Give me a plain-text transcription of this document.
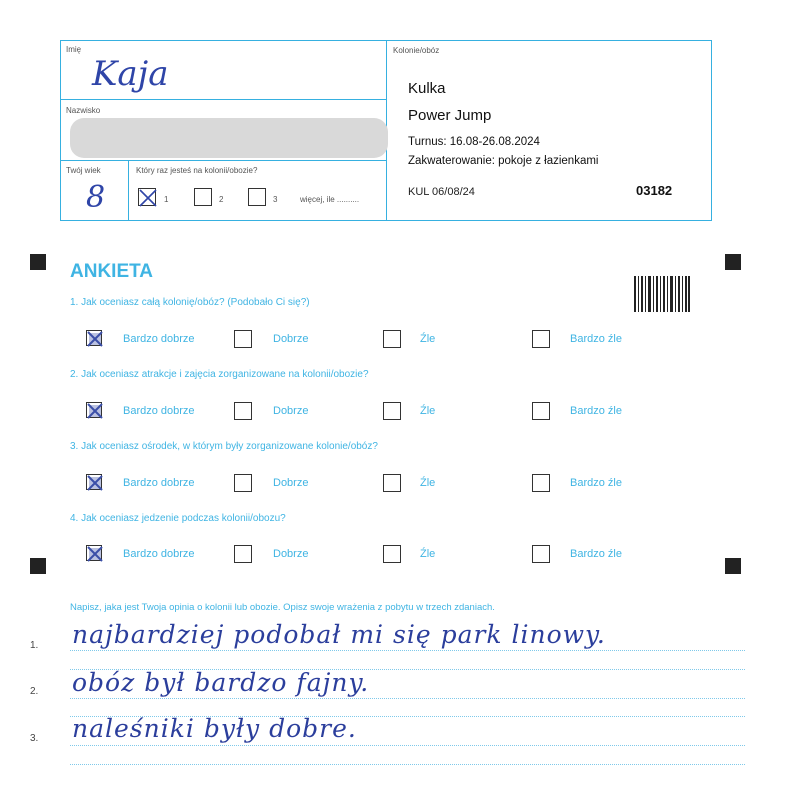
Imię
Kaja
Nazwisko
Twój wiek
8
Który raz jesteś na kolonii/obozie?
1	2	3	więcej, ile ..........
Kolonie/obóz
Kulka
Power Jump
Turnus: 16.08-26.08.2024
Zakwaterowanie: pokoje z łazienkami
KUL 06/08/24	03182
ANKIETA
1. Jak oceniasz całą kolonię/obóz? (Podobało Ci się?)
Bardzo dobrze	Dobrze	Źle	Bardzo źle
2. Jak oceniasz atrakcje i zajęcia zorganizowane na kolonii/obozie?
Bardzo dobrze	Dobrze	Źle	Bardzo źle
3. Jak oceniasz ośrodek, w którym były zorganizowane kolonie/obóz?
Bardzo dobrze	Dobrze	Źle	Bardzo źle
4. Jak oceniasz jedzenie podczas kolonii/obozu?
Bardzo dobrze	Dobrze	Źle	Bardzo źle
Napisz, jaka jest Twoja opinia o kolonii lub obozie. Opisz swoje wrażenia z pobytu w trzech zdaniach.
1. najbardziej podobał mi się park linowy.
2. obóz był bardzo fajny.
3. naleśniki były dobre.
